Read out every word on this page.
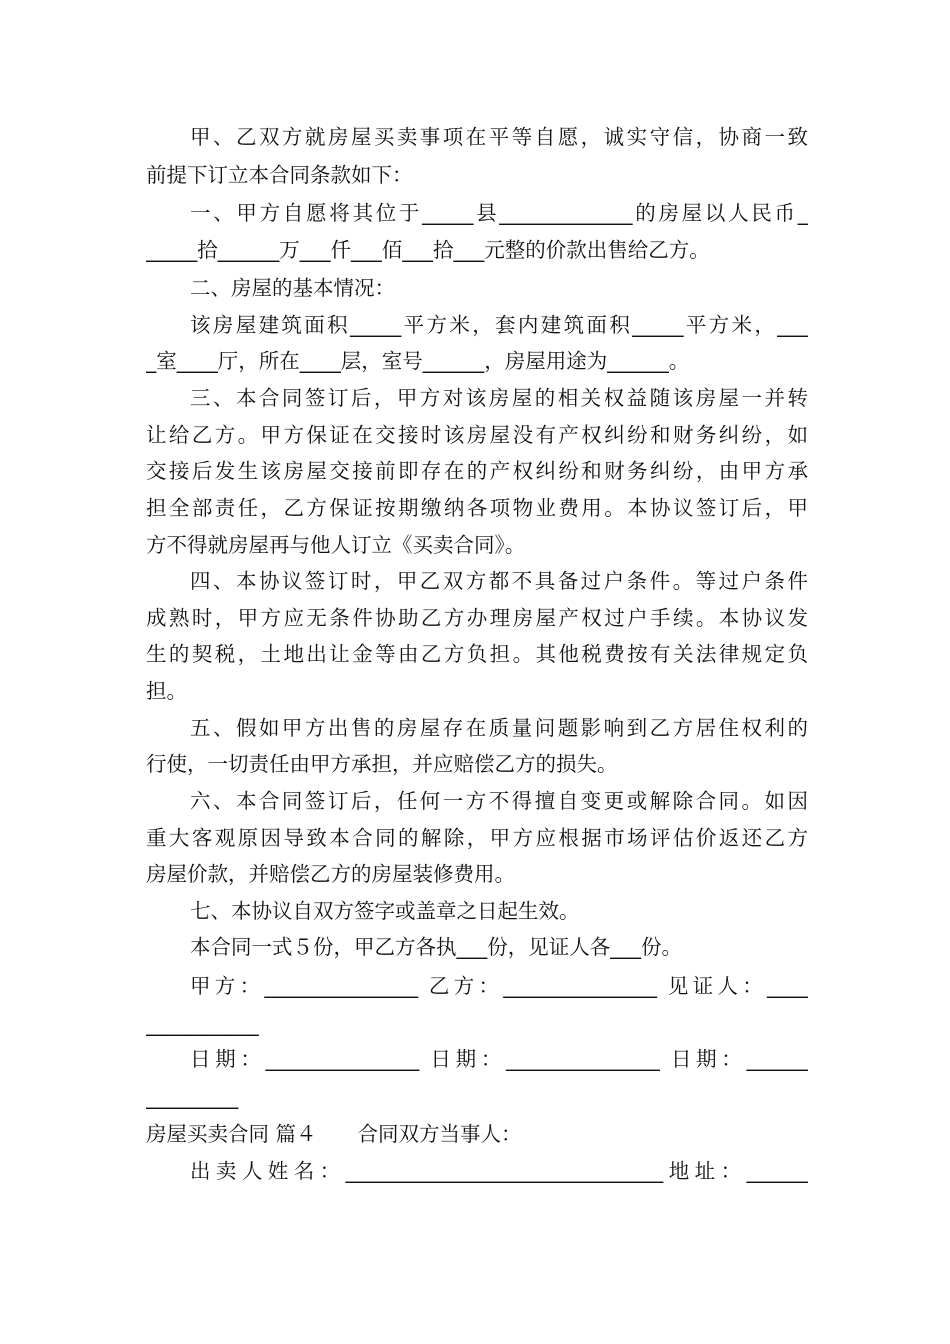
甲、乙双方就房屋买卖事项在平等自愿，诚实守信，协商一致
前提下订立本合同条款如下：
一、甲方自愿将其位于_____县_____________的房屋以人民币_
_____拾______万___仟___佰___拾___元整的价款出售给乙方。
二、房屋的基本情况：
该房屋建筑面积_____平方米，套内建筑面积_____平方米，___
_室____厅，所在____层，室号______，房屋用途为______。
三、本合同签订后，甲方对该房屋的相关权益随该房屋一并转
让给乙方。甲方保证在交接时该房屋没有产权纠纷和财务纠纷，如
交接后发生该房屋交接前即存在的产权纠纷和财务纠纷，由甲方承
担全部责任，乙方保证按期缴纳各项物业费用。本协议签订后，甲
方不得就房屋再与他人订立《买卖合同》。
四、本协议签订时，甲乙双方都不具备过户条件。等过户条件
成熟时，甲方应无条件协助乙方办理房屋产权过户手续。本协议发
生的契税，土地出让金等由乙方负担。其他税费按有关法律规定负
担。
五、假如甲方出售的房屋存在质量问题影响到乙方居住权利的
行使，一切责任由甲方承担，并应赔偿乙方的损失。
六、本合同签订后，任何一方不得擅自变更或解除合同。如因
重大客观原因导致本合同的解除，甲方应根据市场评估价返还乙方
房屋价款，并赔偿乙方的房屋装修费用。
七、本协议自双方签字或盖章之日起生效。
本合同一式５份，甲乙方各执___份，见证人各___份。
甲方：_______________ 乙方：_______________ 见证人：____
___________
日期：_______________ 日期：_______________ 日期：______
_________
房屋买卖合同 篇４　　合同双方当事人：
出卖人姓名：_______________________________地址：______
